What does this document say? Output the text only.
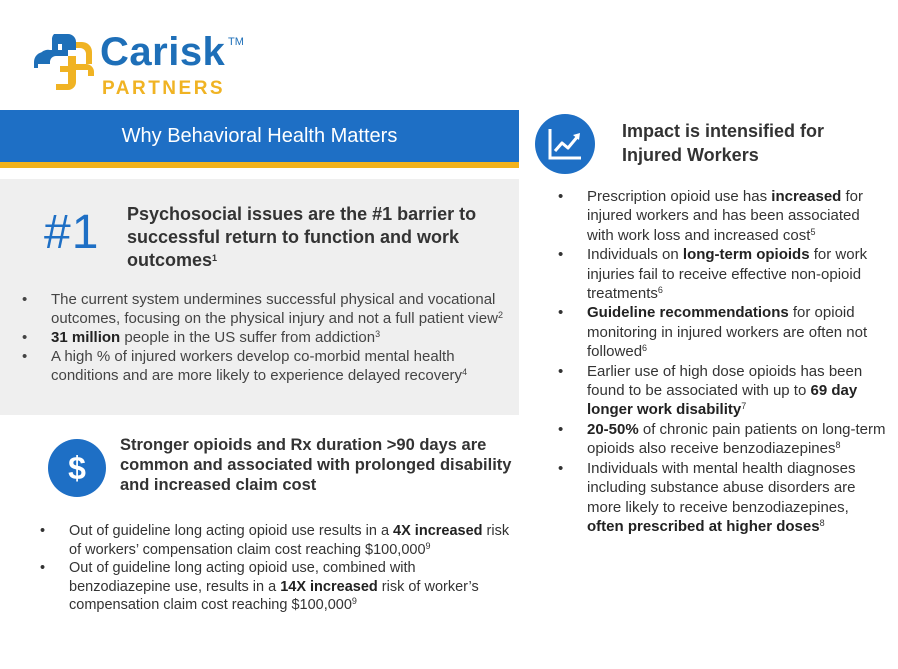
Carisk TM
PARTNERS
Why Behavioral Health Matters
#1 Psychosocial issues are the #1 barrier to successful return to function and work outcomes$^1$
• The current system undermines successful physical and vocational outcomes, focusing on the physical injury and not a full patient view$^2$
• 31 million people in the US suffer from addiction$^3$
• A high % of injured workers develop co-morbid mental health conditions and are more likely to experience delayed recovery$^4$
$
Stronger opioids and Rx duration >90 days are common and associated with prolonged disability and increased claim cost
• Out of guideline long acting opioid use results in a 4X increased risk of workers’ compensation claim cost reaching $100,000$^9$
• Out of guideline long acting opioid use, combined with benzodiazepine use, results in a 14X increased risk of worker’s compensation claim cost reaching $100,000$^9$
Impact is intensified for Injured Workers
• Prescription opioid use has increased for injured workers and has been associated with work loss and increased cost$^5$
• Individuals on long-term opioids for work injuries fail to receive effective non-opioid treatments$^6$
• Guideline recommendations for opioid monitoring in injured workers are often not followed$^6$
• Earlier use of high dose opioids has been found to be associated with up to 69 day longer work disability$^7$
• 20-50% of chronic pain patients on long-term opioids also receive benzodiazepines$^8$
• Individuals with mental health diagnoses including substance abuse disorders are more likely to receive benzodiazepines, often prescribed at higher doses$^8$
